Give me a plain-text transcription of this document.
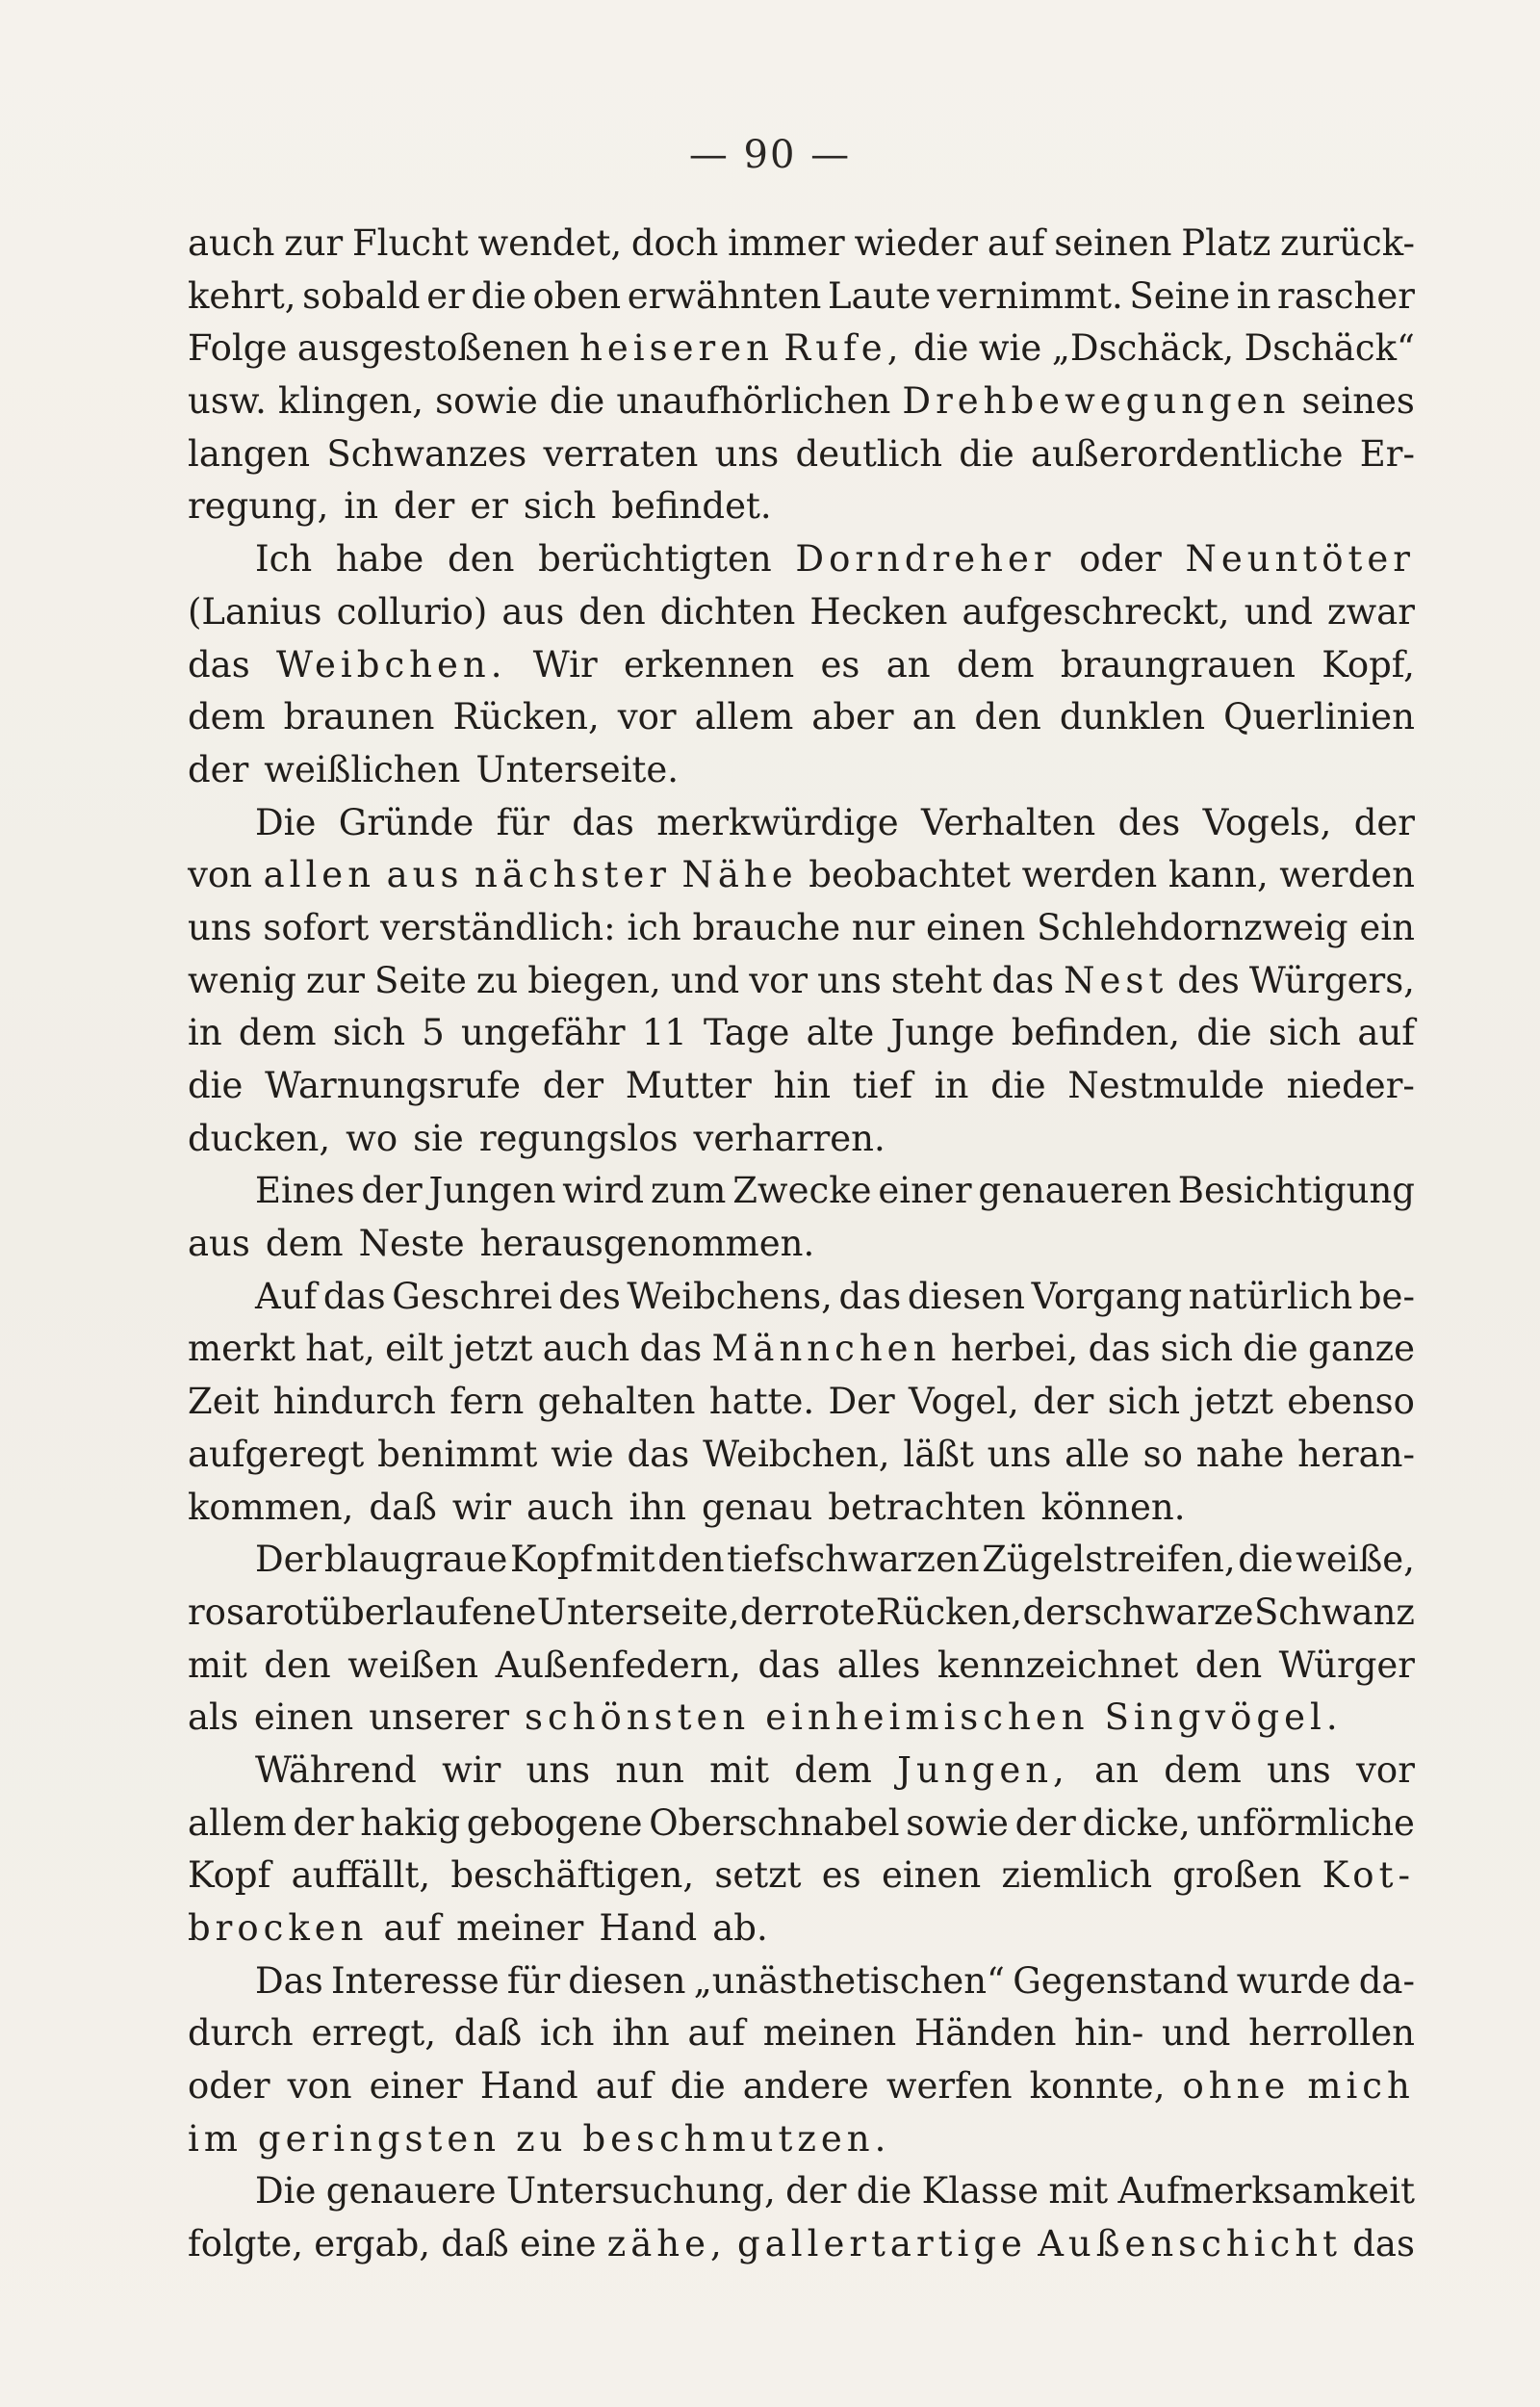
— 90 —
auch zur Flucht wendet, doch immer wieder auf seinen Platz zurück-
kehrt, sobald er die oben erwähnten Laute vernimmt. Seine in rascher
Folge ausgestoßenen heiseren Rufe, die wie „Dschäck, Dschäck“
usw. klingen, sowie die unaufhörlichen Drehbewegungen seines
langen Schwanzes verraten uns deutlich die außerordentliche Er-
regung, in der er sich befindet.
Ich habe den berüchtigten Dorndreher oder Neuntöter
(Lanius collurio) aus den dichten Hecken aufgeschreckt, und zwar
das Weibchen. Wir erkennen es an dem braungrauen Kopf,
dem braunen Rücken, vor allem aber an den dunklen Querlinien
der weißlichen Unterseite.
Die Gründe für das merkwürdige Verhalten des Vogels, der
von allen aus nächster Nähe beobachtet werden kann, werden
uns sofort verständlich: ich brauche nur einen Schlehdornzweig ein
wenig zur Seite zu biegen, und vor uns steht das Nest des Würgers,
in dem sich 5 ungefähr 11 Tage alte Junge befinden, die sich auf
die Warnungsrufe der Mutter hin tief in die Nestmulde nieder-
ducken, wo sie regungslos verharren.
Eines der Jungen wird zum Zwecke einer genaueren Besichtigung
aus dem Neste herausgenommen.
Auf das Geschrei des Weibchens, das diesen Vorgang natürlich be-
merkt hat, eilt jetzt auch das Männchen herbei, das sich die ganze
Zeit hindurch fern gehalten hatte. Der Vogel, der sich jetzt ebenso
aufgeregt benimmt wie das Weibchen, läßt uns alle so nahe heran-
kommen, daß wir auch ihn genau betrachten können.
Der blaugraue Kopf mit den tiefschwarzen Zügelstreifen, die weiße,
rosarot überlaufene Unterseite, der rote Rücken, der schwarze Schwanz
mit den weißen Außenfedern, das alles kennzeichnet den Würger
als einen unserer schönsten einheimischen Singvögel.
Während wir uns nun mit dem Jungen, an dem uns vor
allem der hakig gebogene Oberschnabel sowie der dicke, unförmliche
Kopf auffällt, beschäftigen, setzt es einen ziemlich großen Kot-
brocken auf meiner Hand ab.
Das Interesse für diesen „unästhetischen“ Gegenstand wurde da-
durch erregt, daß ich ihn auf meinen Händen hin- und herrollen
oder von einer Hand auf die andere werfen konnte, ohne mich
im geringsten zu beschmutzen.
Die genauere Untersuchung, der die Klasse mit Aufmerksamkeit
folgte, ergab, daß eine zähe, gallertartige Außenschicht das
